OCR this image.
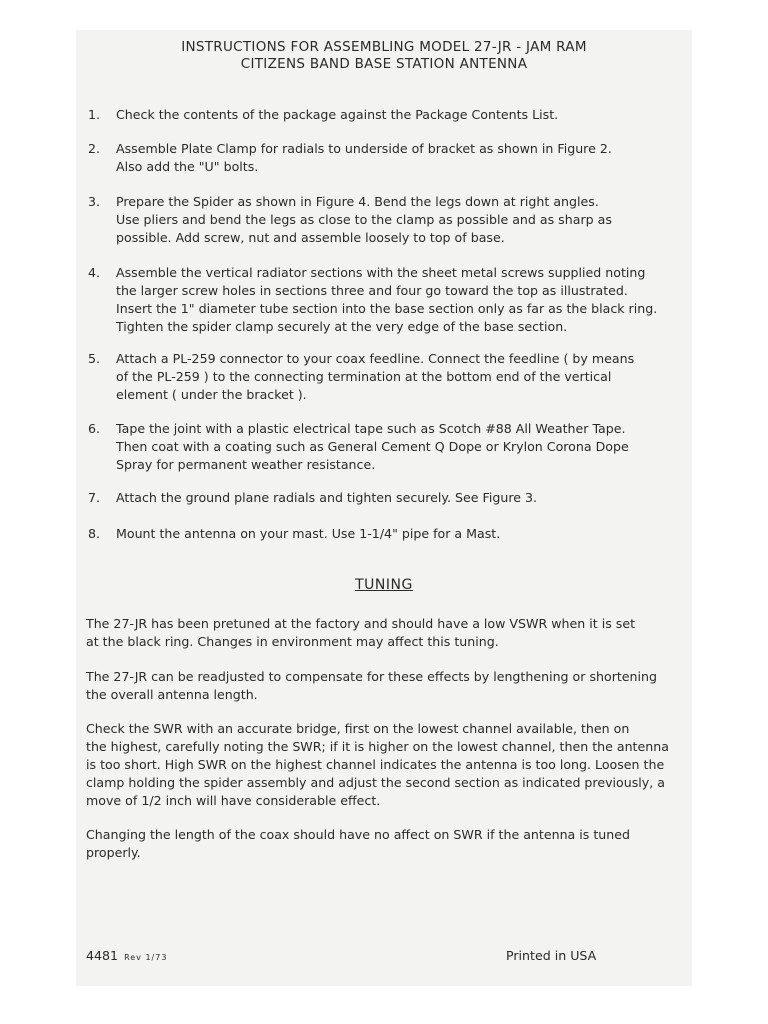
INSTRUCTIONS FOR ASSEMBLING MODEL 27-JR - JAM RAM
CITIZENS BAND BASE STATION ANTENNA
1.	Check the contents of the package against the Package Contents List.
2.	Assemble Plate Clamp for radials to underside of bracket as shown in Figure 2.
Also add the "U" bolts.
3.	Prepare the Spider as shown in Figure 4. Bend the legs down at right angles.
Use pliers and bend the legs as close to the clamp as possible and as sharp as
possible. Add screw, nut and assemble loosely to top of base.
4.	Assemble the vertical radiator sections with the sheet metal screws supplied noting
the larger screw holes in sections three and four go toward the top as illustrated.
Insert the 1" diameter tube section into the base section only as far as the black ring.
Tighten the spider clamp securely at the very edge of the base section.
5.	Attach a PL-259 connector to your coax feedline. Connect the feedline ( by means
of the PL-259 ) to the connecting termination at the bottom end of the vertical
element ( under the bracket ).
6.	Tape the joint with a plastic electrical tape such as Scotch #88 All Weather Tape.
Then coat with a coating such as General Cement Q Dope or Krylon Corona Dope
Spray for permanent weather resistance.
7.	Attach the ground plane radials and tighten securely. See Figure 3.
8.	Mount the antenna on your mast. Use 1-1/4" pipe for a Mast.
TUNING
The 27-JR has been pretuned at the factory and should have a low VSWR when it is set
at the black ring. Changes in environment may affect this tuning.
The 27-JR can be readjusted to compensate for these effects by lengthening or shortening
the overall antenna length.
Check the SWR with an accurate bridge, first on the lowest channel available, then on
the highest, carefully noting the SWR; if it is higher on the lowest channel, then the antenna
is too short. High SWR on the highest channel indicates the antenna is too long. Loosen the
clamp holding the spider assembly and adjust the second section as indicated previously, a
move of 1/2 inch will have considerable effect.
Changing the length of the coax should have no affect on SWR if the antenna is tuned
properly.
4481 Rev 1/73	Printed in USA
